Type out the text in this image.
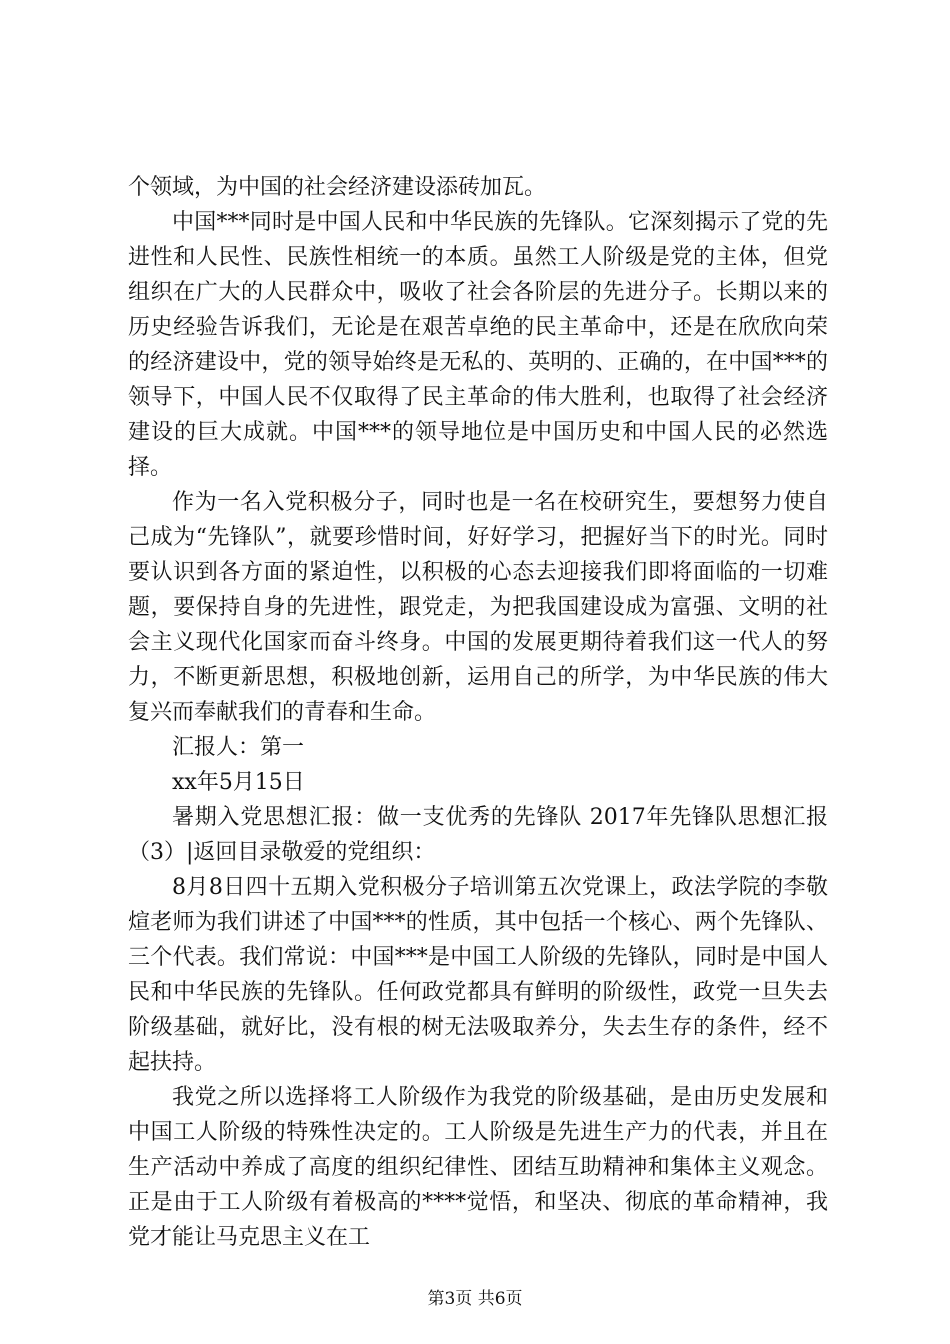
个领域，为中国的社会经济建设添砖加瓦。

中国***同时是中国人民和中华民族的先锋队。它深刻揭示了党的先进性和人民性、民族性相统一的本质。虽然工人阶级是党的主体，但党组织在广大的人民群众中，吸收了社会各阶层的先进分子。长期以来的历史经验告诉我们，无论是在艰苦卓绝的民主革命中，还是在欣欣向荣的经济建设中，党的领导始终是无私的、英明的、正确的，在中国***的领导下，中国人民不仅取得了民主革命的伟大胜利，也取得了社会经济建设的巨大成就。中国***的领导地位是中国历史和中国人民的必然选择。

作为一名入党积极分子，同时也是一名在校研究生，要想努力使自己成为“先锋队”，就要珍惜时间，好好学习，把握好当下的时光。同时要认识到各方面的紧迫性，以积极的心态去迎接我们即将面临的一切难题，要保持自身的先进性，跟党走，为把我国建设成为富强、文明的社会主义现代化国家而奋斗终身。中国的发展更期待着我们这一代人的努力，不断更新思想，积极地创新，运用自己的所学，为中华民族的伟大复兴而奉献我们的青春和生命。

汇报人：第一

xx年5月15日

暑期入党思想汇报：做一支优秀的先锋队 2017年先锋队思想汇报（3）|返回目录敬爱的党组织：

8月8日四十五期入党积极分子培训第五次党课上，政法学院的李敬煊老师为我们讲述了中国***的性质，其中包括一个核心、两个先锋队、三个代表。我们常说：中国***是中国工人阶级的先锋队，同时是中国人民和中华民族的先锋队。任何政党都具有鲜明的阶级性，政党一旦失去阶级基础，就好比，没有根的树无法吸取养分，失去生存的条件，经不起扶持。

我党之所以选择将工人阶级作为我党的阶级基础，是由历史发展和中国工人阶级的特殊性决定的。工人阶级是先进生产力的代表，并且在生产活动中养成了高度的组织纪律性、团结互助精神和集体主义观念。正是由于工人阶级有着极高的****觉悟，和坚决、彻底的革命精神，我党才能让马克思主义在工

第3页 共6页
